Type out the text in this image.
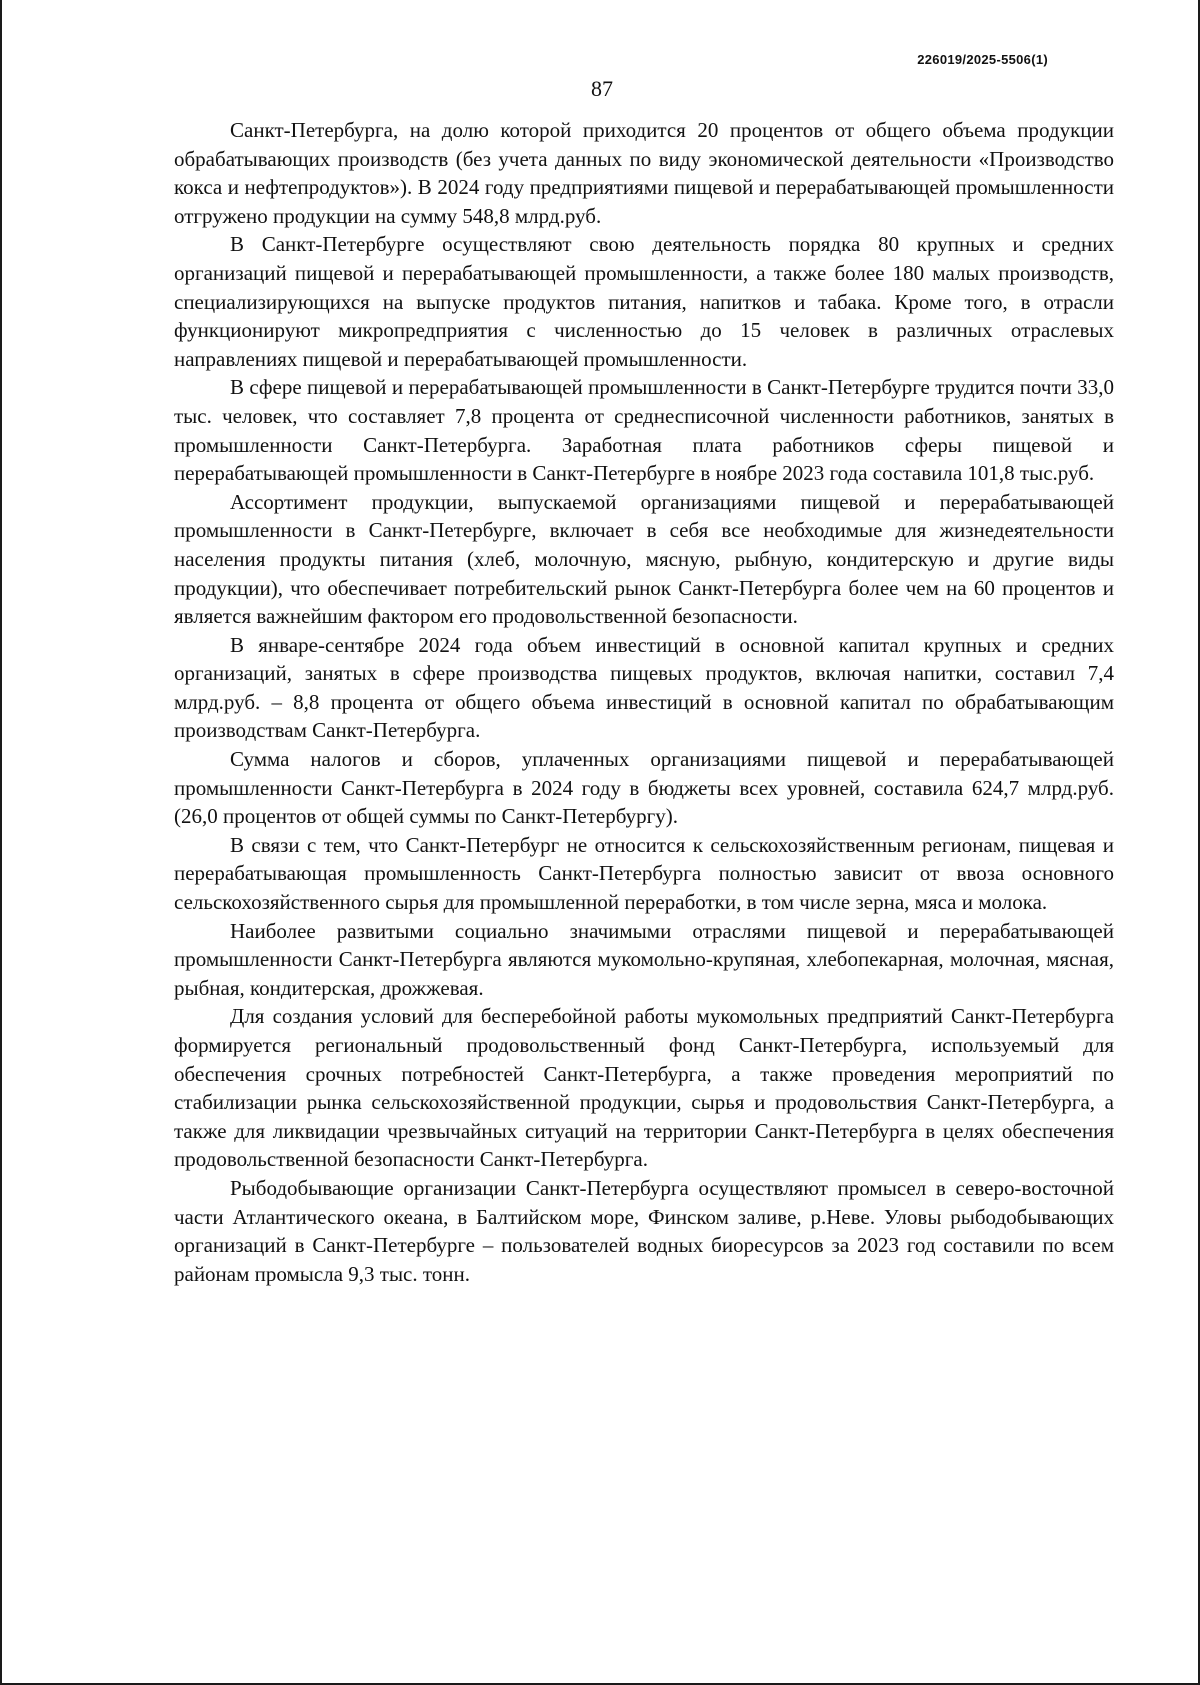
226019/2025-5506(1)
87

Санкт-Петербурга, на долю которой приходится 20 процентов от общего объема продукции обрабатывающих производств (без учета данных по виду экономической деятельности «Производство кокса и нефтепродуктов»). В 2024 году предприятиями пищевой и перерабатывающей промышленности отгружено продукции на сумму 548,8 млрд.руб.

В Санкт-Петербурге осуществляют свою деятельность порядка 80 крупных и средних организаций пищевой и перерабатывающей промышленности, а также более 180 малых производств, специализирующихся на выпуске продуктов питания, напитков и табака. Кроме того, в отрасли функционируют микропредприятия с численностью до 15 человек в различных отраслевых направлениях пищевой и перерабатывающей промышленности.

В сфере пищевой и перерабатывающей промышленности в Санкт-Петербурге трудится почти 33,0 тыс. человек, что составляет 7,8 процента от среднесписочной численности работников, занятых в промышленности Санкт-Петербурга. Заработная плата работников сферы пищевой и перерабатывающей промышленности в Санкт-Петербурге в ноябре 2023 года составила 101,8 тыс.руб.

Ассортимент продукции, выпускаемой организациями пищевой и перерабатывающей промышленности в Санкт-Петербурге, включает в себя все необходимые для жизнедеятельности населения продукты питания (хлеб, молочную, мясную, рыбную, кондитерскую и другие виды продукции), что обеспечивает потребительский рынок Санкт-Петербурга более чем на 60 процентов и является важнейшим фактором его продовольственной безопасности.

В январе-сентябре 2024 года объем инвестиций в основной капитал крупных и средних организаций, занятых в сфере производства пищевых продуктов, включая напитки, составил 7,4 млрд.руб. – 8,8 процента от общего объема инвестиций в основной капитал по обрабатывающим производствам Санкт-Петербурга.

Сумма налогов и сборов, уплаченных организациями пищевой и перерабатывающей промышленности Санкт-Петербурга в 2024 году в бюджеты всех уровней, составила 624,7 млрд.руб. (26,0 процентов от общей суммы по Санкт-Петербургу).

В связи с тем, что Санкт-Петербург не относится к сельскохозяйственным регионам, пищевая и перерабатывающая промышленность Санкт-Петербурга полностью зависит от ввоза основного сельскохозяйственного сырья для промышленной переработки, в том числе зерна, мяса и молока.

Наиболее развитыми социально значимыми отраслями пищевой и перерабатывающей промышленности Санкт-Петербурга являются мукомольно-крупяная, хлебопекарная, молочная, мясная, рыбная, кондитерская, дрожжевая.

Для создания условий для бесперебойной работы мукомольных предприятий Санкт-Петербурга формируется региональный продовольственный фонд Санкт-Петербурга, используемый для обеспечения срочных потребностей Санкт-Петербурга, а также проведения мероприятий по стабилизации рынка сельскохозяйственной продукции, сырья и продовольствия Санкт-Петербурга, а также для ликвидации чрезвычайных ситуаций на территории Санкт-Петербурга в целях обеспечения продовольственной безопасности Санкт-Петербурга.

Рыбодобывающие организации Санкт-Петербурга осуществляют промысел в северо-восточной части Атлантического океана, в Балтийском море, Финском заливе, р.Неве. Уловы рыбодобывающих организаций в Санкт-Петербурге – пользователей водных биоресурсов за 2023 год составили по всем районам промысла 9,3 тыс. тонн.
